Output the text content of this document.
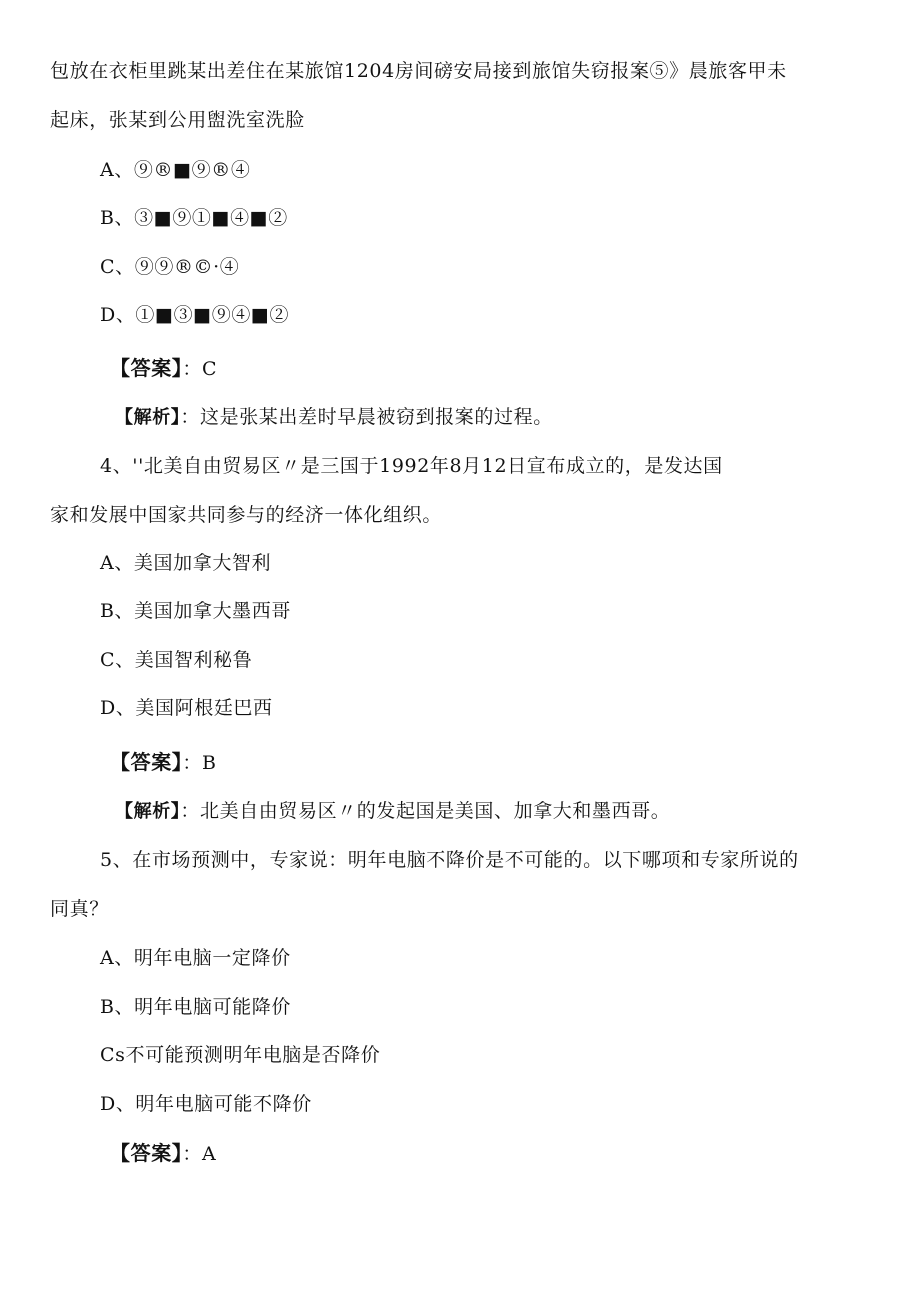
包放在衣柜里跳某出差住在某旅馆1204房间磅安局接到旅馆失窃报案⑤》晨旅客甲未
起床，张某到公用盥洗室洗脸
A、⑨®■⑨®④
B、③■⑨①■④■②
C、⑨⑨®©·④
D、①■③■⑨④■②
【答案】：C
【解析】：这是张某出差时早晨被窃到报案的过程。
4、''北美自由贸易区〃是三国于1992年8月12日宣布成立的，是发达国
家和发展中国家共同参与的经济一体化组织。
A、美国加拿大智利
B、美国加拿大墨西哥
C、美国智利秘鲁
D、美国阿根廷巴西
【答案】：B
【解析】：北美自由贸易区〃的发起国是美国、加拿大和墨西哥。
5、在市场预测中，专家说：明年电脑不降价是不可能的。以下哪项和专家所说的
同真？
A、明年电脑一定降价
B、明年电脑可能降价
Cs不可能预测明年电脑是否降价
D、明年电脑可能不降价
【答案】：A
